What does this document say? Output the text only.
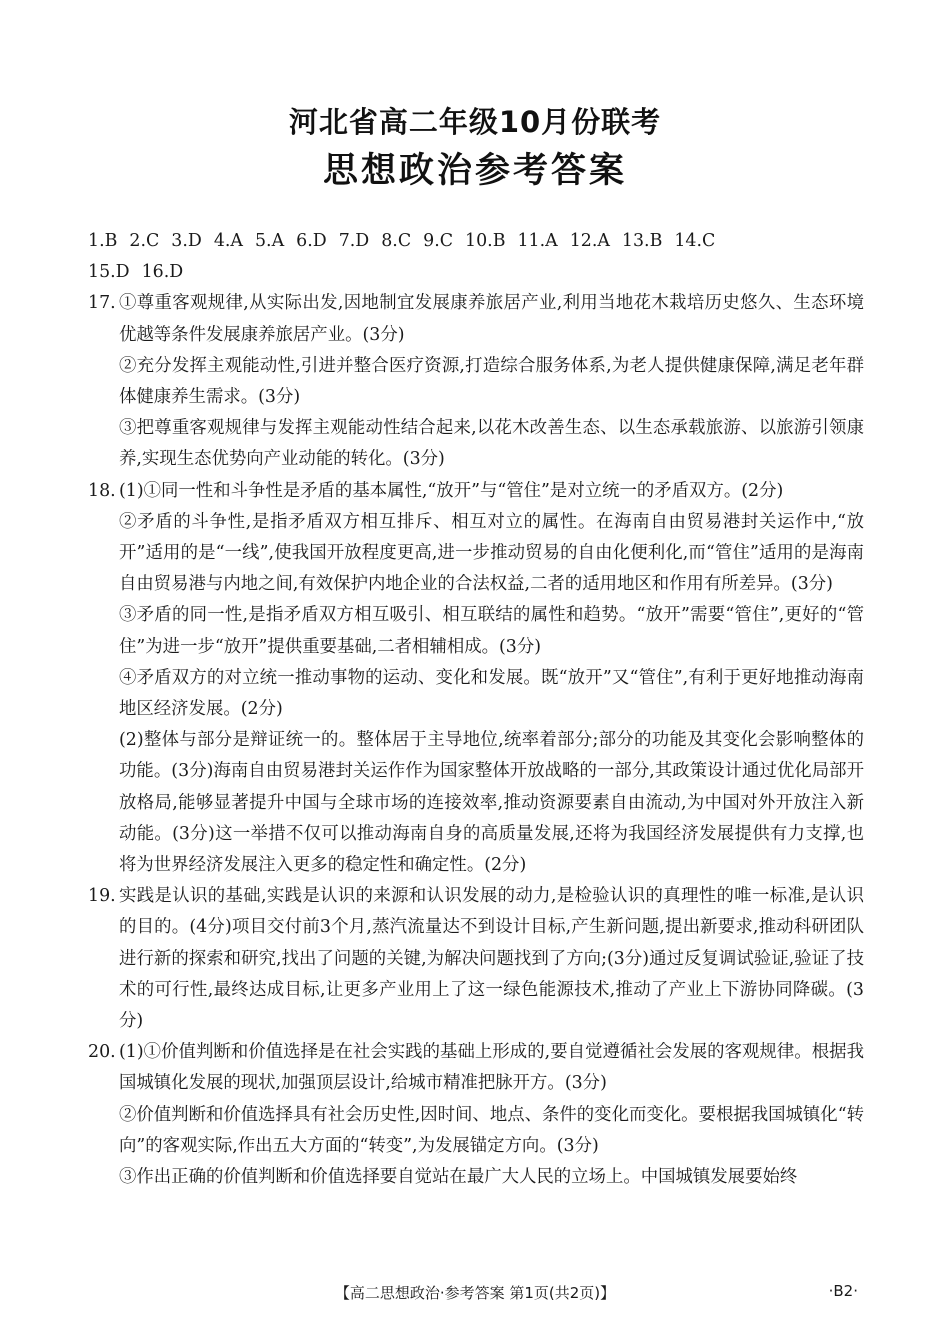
河北省高二年级10月份联考
思想政治参考答案
1.B 2.C 3.D 4.A 5.A 6.D 7.D 8.C 9.C 10.B 11.A 12.A 13.B 14.C
15.D 16.D
17. ①尊重客观规律,从实际出发,因地制宜发展康养旅居产业,利用当地花木栽培历史悠久、生态环境优越等条件发展康养旅居产业。(3分)

②充分发挥主观能动性,引进并整合医疗资源,打造综合服务体系,为老人提供健康保障,满足老年群体健康养生需求。(3分)

③把尊重客观规律与发挥主观能动性结合起来,以花木改善生态、以生态承载旅游、以旅游引领康养,实现生态优势向产业动能的转化。(3分)

18. (1)①同一性和斗争性是矛盾的基本属性,“放开”与“管住”是对立统一的矛盾双方。(2分)

②矛盾的斗争性,是指矛盾双方相互排斥、相互对立的属性。在海南自由贸易港封关运作中,“放开”适用的是“一线”,使我国开放程度更高,进一步推动贸易的自由化便利化,而“管住”适用的是海南自由贸易港与内地之间,有效保护内地企业的合法权益,二者的适用地区和作用有所差异。(3分)

③矛盾的同一性,是指矛盾双方相互吸引、相互联结的属性和趋势。“放开”需要“管住”,更好的“管住”为进一步“放开”提供重要基础,二者相辅相成。(3分)

④矛盾双方的对立统一推动事物的运动、变化和发展。既“放开”又“管住”,有利于更好地推动海南地区经济发展。(2分)

(2)整体与部分是辩证统一的。整体居于主导地位,统率着部分;部分的功能及其变化会影响整体的功能。(3分)海南自由贸易港封关运作作为国家整体开放战略的一部分,其政策设计通过优化局部开放格局,能够显著提升中国与全球市场的连接效率,推动资源要素自由流动,为中国对外开放注入新动能。(3分)这一举措不仅可以推动海南自身的高质量发展,还将为我国经济发展提供有力支撑,也将为世界经济发展注入更多的稳定性和确定性。(2分)

19. 实践是认识的基础,实践是认识的来源和认识发展的动力,是检验认识的真理性的唯一标准,是认识的目的。(4分)项目交付前3个月,蒸汽流量达不到设计目标,产生新问题,提出新要求,推动科研团队进行新的探索和研究,找出了问题的关键,为解决问题找到了方向;(3分)通过反复调试验证,验证了技术的可行性,最终达成目标,让更多产业用上了这一绿色能源技术,推动了产业上下游协同降碳。(3分)

20. (1)①价值判断和价值选择是在社会实践的基础上形成的,要自觉遵循社会发展的客观规律。根据我国城镇化发展的现状,加强顶层设计,给城市精准把脉开方。(3分)

②价值判断和价值选择具有社会历史性,因时间、地点、条件的变化而变化。要根据我国城镇化“转向”的客观实际,作出五大方面的“转变”,为发展锚定方向。(3分)

③作出正确的价值判断和价值选择要自觉站在最广大人民的立场上。中国城镇发展要始终

【高二思想政治·参考答案 第1页(共2页)】	·B2·
